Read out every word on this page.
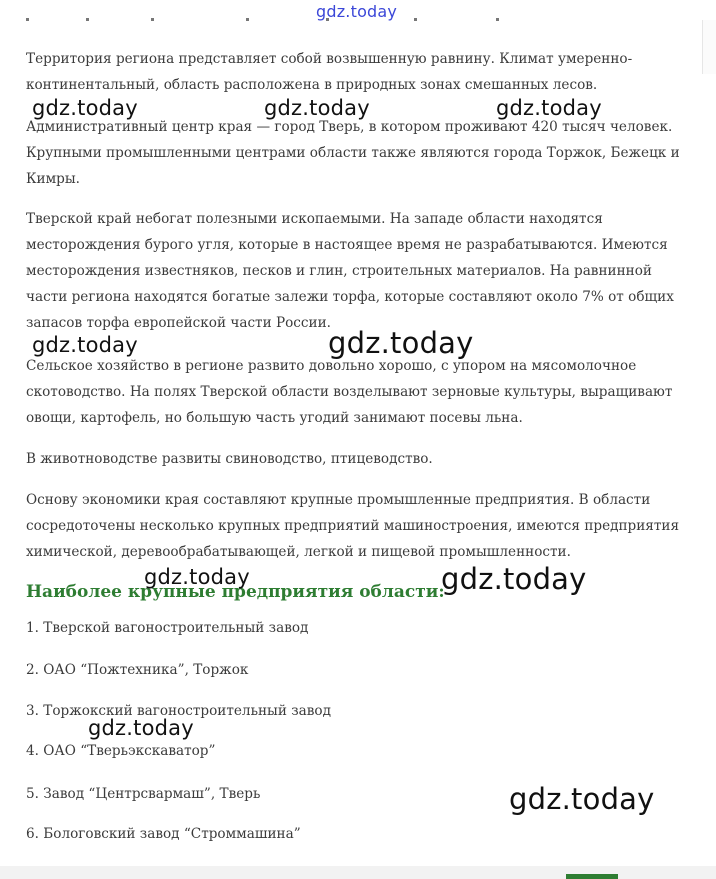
Территория региона представляет собой возвышенную равнину. Климат умеренно-континентальный, область расположена в природных зонах смешанных лесов.

Административный центр края — город Тверь, в котором проживают 420 тысяч человек. Крупными промышленными центрами области также являются города Торжок, Бежецк и Кимры.

Тверской край небогат полезными ископаемыми. На западе области находятся месторождения бурого угля, которые в настоящее время не разрабатываются. Имеются месторождения известняков, песков и глин, строительных материалов. На равнинной части региона находятся богатые залежи торфа, которые составляют около 7% от общих запасов торфа европейской части России.

Сельское хозяйство в регионе развито довольно хорошо, с упором на мясомолочное скотоводство. На полях Тверской области возделывают зерновые культуры, выращивают овощи, картофель, но большую часть угодий занимают посевы льна.

В животноводстве развиты свиноводство, птицеводство.

Основу экономики края составляют крупные промышленные предприятия. В области сосредоточены несколько крупных предприятий машиностроения, имеются предприятия химической, деревообрабатывающей, легкой и пищевой промышленности.

Наиболее крупные предприятия области:

1. Тверской вагоностроительный завод

2. ОАО “Пожтехника”, Торжок

3. Торжокский вагоностроительный завод

4. ОАО “Тверьэкскаватор”

5. Завод “Центрсвармаш”, Тверь

6. Бологовский завод “Строммашина”

gdz.today
gdz.today	gdz.today	gdz.today
gdz.today	gdz.today
gdz.today	gdz.today
gdz.today
gdz.today
